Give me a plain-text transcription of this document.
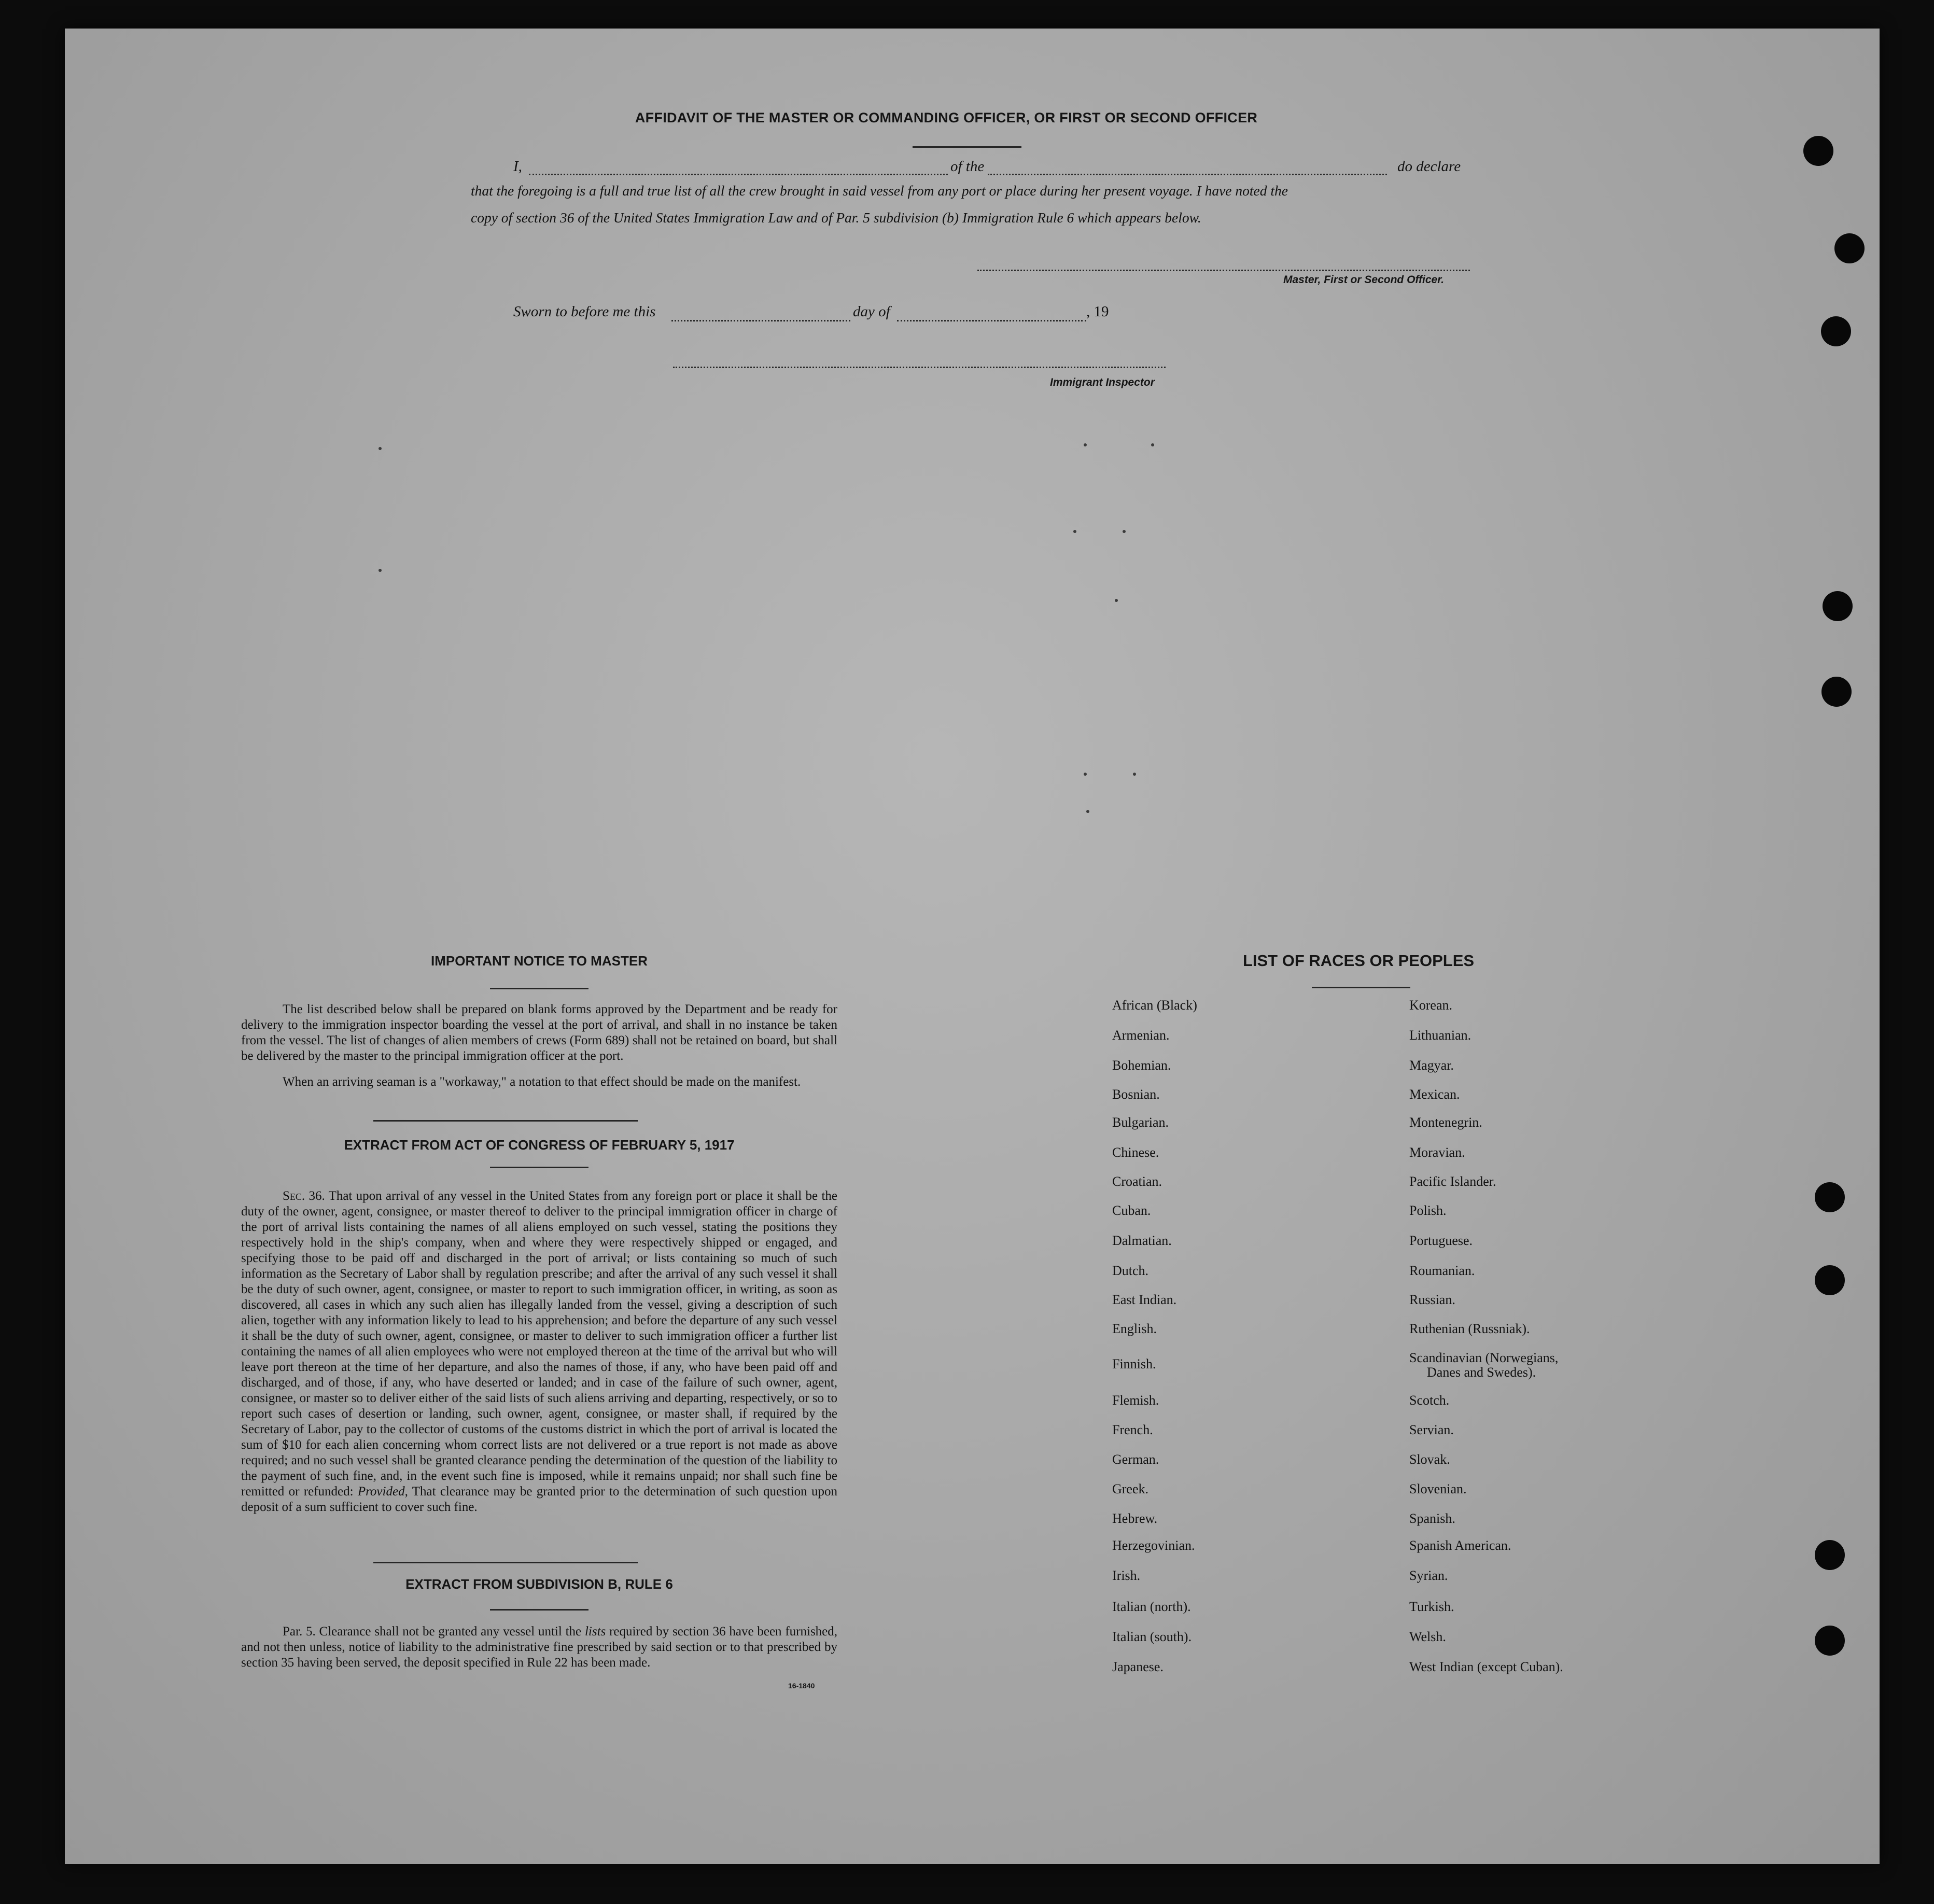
AFFIDAVIT OF THE MASTER OR COMMANDING OFFICER, OR FIRST OR SECOND OFFICER
I,	of the	do declare
that the foregoing is a full and true list of all the crew brought in said vessel from any port or place during her present voyage. I have noted the
copy of section 36 of the United States Immigration Law and of Par. 5 subdivision (b) Immigration Rule 6 which appears below.
Master, First or Second Officer.
Sworn to before me this	day of	, 19
Immigrant Inspector
IMPORTANT NOTICE TO MASTER
The list described below shall be prepared on blank forms approved by the Department and be ready for delivery to the immigration inspector boarding the vessel at the port of arrival, and shall in no instance be taken from the vessel. The list of changes of alien members of crews (Form 689) shall not be retained on board, but shall be delivered by the master to the principal immigration officer at the port.
When an arriving seaman is a "workaway," a notation to that effect should be made on the manifest.
EXTRACT FROM ACT OF CONGRESS OF FEBRUARY 5, 1917
Sec. 36. That upon arrival of any vessel in the United States from any foreign port or place it shall be the duty of the owner, agent, consignee, or master thereof to deliver to the principal immigration officer in charge of the port of arrival lists containing the names of all aliens employed on such vessel, stating the positions they respectively hold in the ship's company, when and where they were respectively shipped or engaged, and specifying those to be paid off and discharged in the port of arrival; or lists containing so much of such information as the Secretary of Labor shall by regulation prescribe; and after the arrival of any such vessel it shall be the duty of such owner, agent, consignee, or master to report to such immigration officer, in writing, as soon as discovered, all cases in which any such alien has illegally landed from the vessel, giving a description of such alien, together with any information likely to lead to his apprehension; and before the departure of any such vessel it shall be the duty of such owner, agent, consignee, or master to deliver to such immigration officer a further list containing the names of all alien employees who were not employed thereon at the time of the arrival but who will leave port thereon at the time of her departure, and also the names of those, if any, who have been paid off and discharged, and of those, if any, who have deserted or landed; and in case of the failure of such owner, agent, consignee, or master so to deliver either of the said lists of such aliens arriving and departing, respectively, or so to report such cases of desertion or landing, such owner, agent, consignee, or master shall, if required by the Secretary of Labor, pay to the collector of customs of the customs district in which the port of arrival is located the sum of $10 for each alien concerning whom correct lists are not delivered or a true report is not made as above required; and no such vessel shall be granted clearance pending the determination of the question of the liability to the payment of such fine, and, in the event such fine is imposed, while it remains unpaid; nor shall such fine be remitted or refunded: Provided, That clearance may be granted prior to the determination of such question upon deposit of a sum sufficient to cover such fine.
EXTRACT FROM SUBDIVISION B, RULE 6
Par. 5. Clearance shall not be granted any vessel until the lists required by section 36 have been furnished, and not then unless, notice of liability to the administrative fine prescribed by said section or to that prescribed by section 35 having been served, the deposit specified in Rule 22 has been made.
16-1840
LIST OF RACES OR PEOPLES
African (Black)
Armenian.
Bohemian.
Bosnian.
Bulgarian.
Chinese.
Croatian.
Cuban.
Dalmatian.
Dutch.
East Indian.
English.
Finnish.
Flemish.
French.
German.
Greek.
Hebrew.
Herzegovinian.
Irish.
Italian (north).
Italian (south).
Japanese.
Korean.
Lithuanian.
Magyar.
Mexican.
Montenegrin.
Moravian.
Pacific Islander.
Polish.
Portuguese.
Roumanian.
Russian.
Ruthenian (Russniak).
Scandinavian (Norwegians,
Danes and Swedes).
Scotch.
Servian.
Slovak.
Slovenian.
Spanish.
Spanish American.
Syrian.
Turkish.
Welsh.
West Indian (except Cuban).
